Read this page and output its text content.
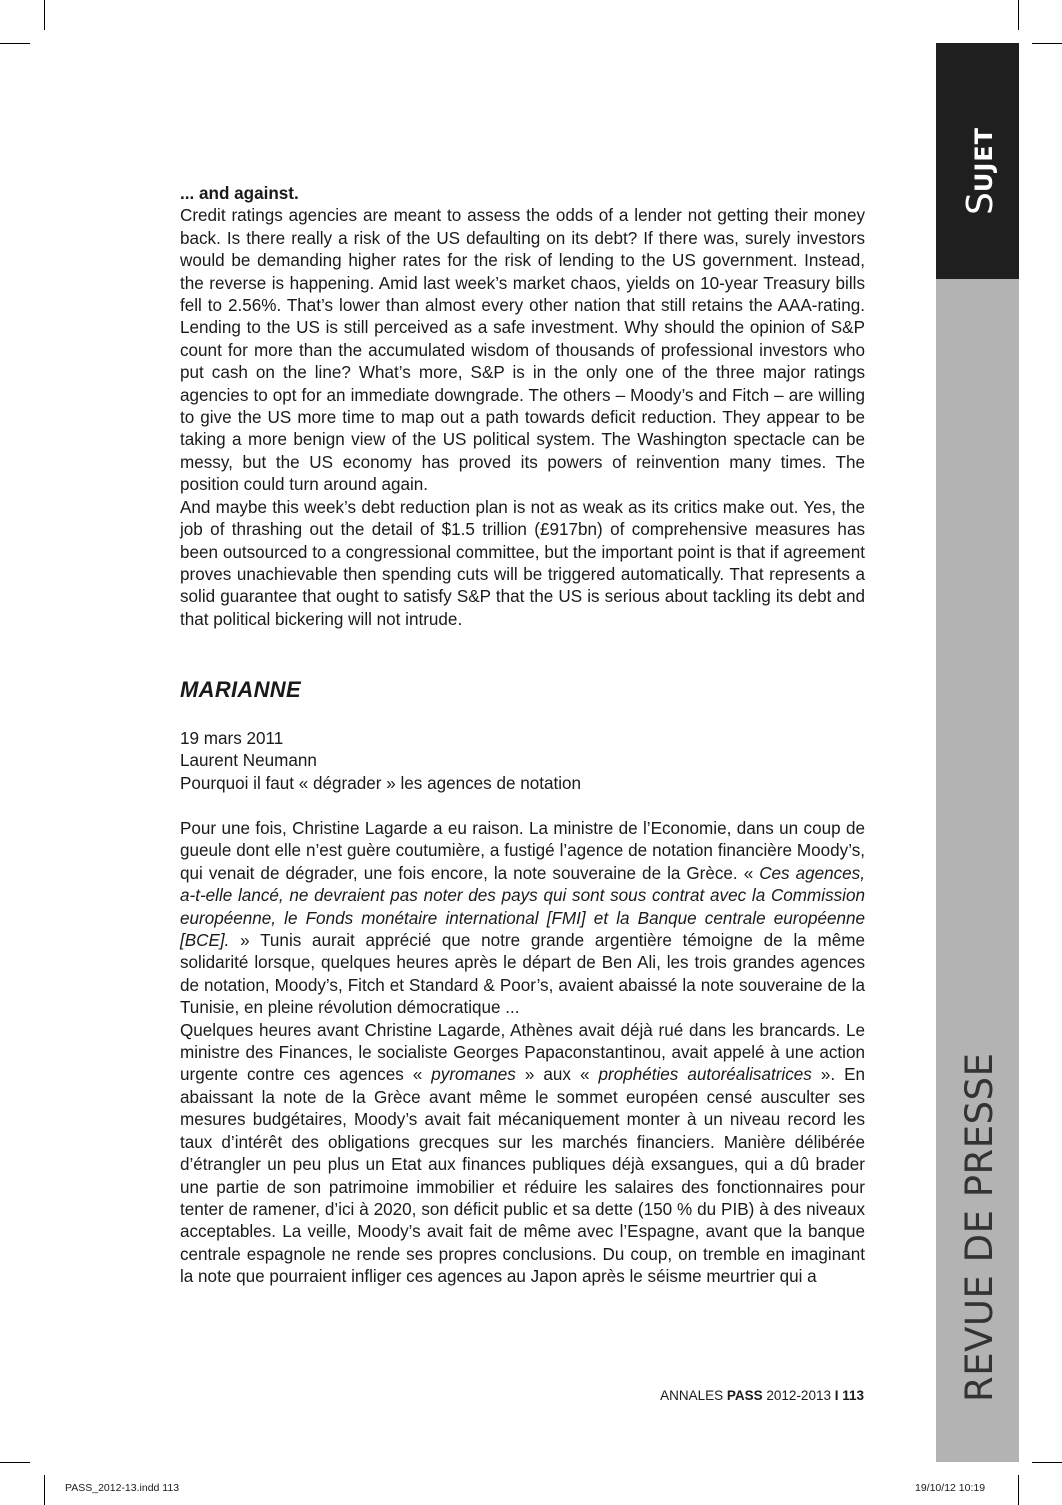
SUJET
REVUE DE PRESSE

... and against.

Credit ratings agencies are meant to assess the odds of a lender not getting their money back. Is there really a risk of the US defaulting on its debt? If there was, surely investors would be demanding higher rates for the risk of lending to the US government. Instead, the reverse is happening. Amid last week’s market chaos, yields on 10-year Treasury bills fell to 2.56%. That’s lower than almost every other nation that still retains the AAA-rating. Lending to the US is still perceived as a safe investment. Why should the opinion of S&P count for more than the accumulated wisdom of thousands of professional investors who put cash on the line? What’s more, S&P is in the only one of the three major ratings agencies to opt for an immediate downgrade. The others – Moody’s and Fitch – are willing to give the US more time to map out a path towards deficit reduction. They appear to be taking a more benign view of the US political system. The Washington spectacle can be messy, but the US economy has proved its powers of reinvention many times. The position could turn around again.

And maybe this week’s debt reduction plan is not as weak as its critics make out. Yes, the job of thrashing out the detail of $1.5 trillion (£917bn) of comprehensive measures has been outsourced to a congressional committee, but the important point is that if agreement proves unachievable then spending cuts will be triggered automatically. That represents a solid guarantee that ought to satisfy S&P that the US is serious about tackling its debt and that political bickering will not intrude.

MARIANNE
19 mars 2011
Laurent Neumann
Pourquoi il faut « dégrader » les agences de notation

Pour une fois, Christine Lagarde a eu raison. La ministre de l’Economie, dans un coup de gueule dont elle n’est guère coutumière, a fustigé l’agence de notation financière Moody’s, qui venait de dégrader, une fois encore, la note souveraine de la Grèce. « Ces agences, a-t-elle lancé, ne devraient pas noter des pays qui sont sous contrat avec la Commission européenne, le Fonds monétaire international [FMI] et la Banque centrale européenne [BCE]. » Tunis aurait apprécié que notre grande argentière témoigne de la même solidarité lorsque, quelques heures après le départ de Ben Ali, les trois grandes agences de notation, Moody’s, Fitch et Standard & Poor’s, avaient abaissé la note souveraine de la Tunisie, en pleine révolution démocratique ...

Quelques heures avant Christine Lagarde, Athènes avait déjà rué dans les brancards. Le ministre des Finances, le socialiste Georges Papaconstantinou, avait appelé à une action urgente contre ces agences « pyromanes » aux « prophéties autoréalisatrices ». En abaissant la note de la Grèce avant même le sommet européen censé ausculter ses mesures budgétaires, Moody’s avait fait mécaniquement monter à un niveau record les taux d’intérêt des obligations grecques sur les marchés financiers. Manière délibérée d’étrangler un peu plus un Etat aux finances publiques déjà exsangues, qui a dû brader une partie de son patrimoine immobilier et réduire les salaires des fonctionnaires pour tenter de ramener, d’ici à 2020, son déficit public et sa dette (150 % du PIB) à des niveaux acceptables. La veille, Moody’s avait fait de même avec l’Espagne, avant que la banque centrale espagnole ne rende ses propres conclusions. Du coup, on tremble en imaginant la note que pourraient infliger ces agences au Japon après le séisme meurtrier qui a

ANNALES PASS 2012-2013 I 113
PASS_2012-13.indd 113	19/10/12 10:19
